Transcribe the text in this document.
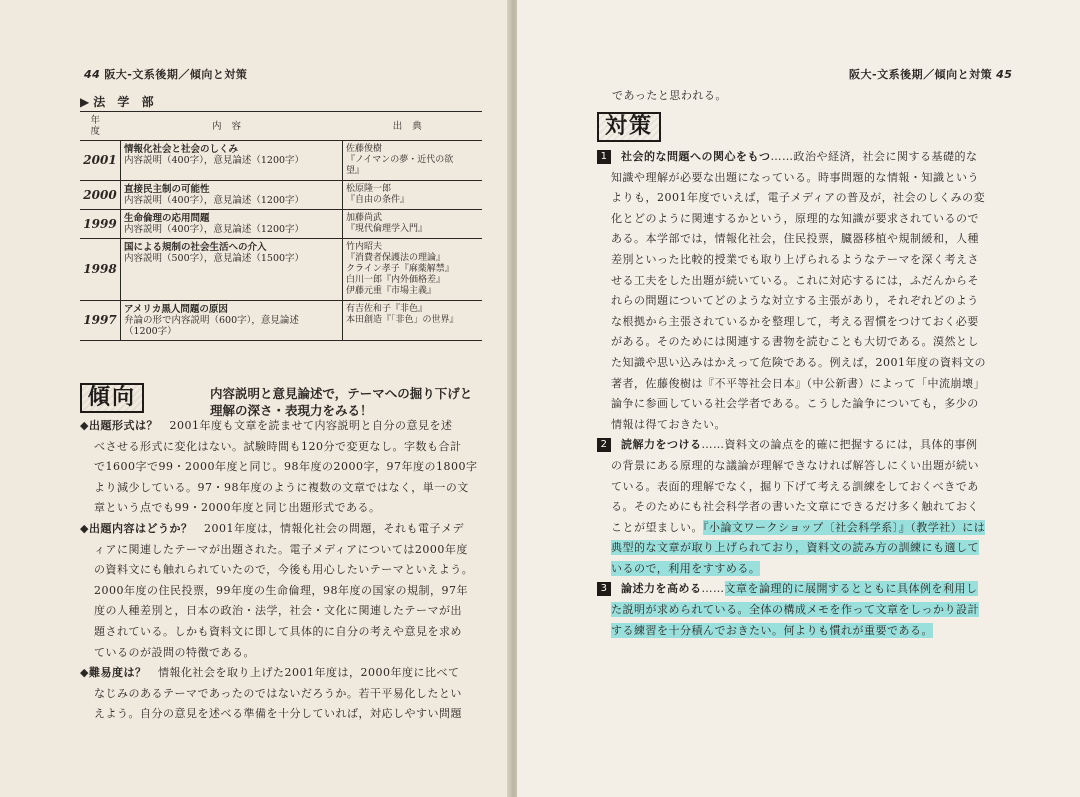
44 阪大-文系後期／傾向と対策
▶法 学 部
年度	内容	出典
2001	情報化社会と社会のしくみ
内容説明（400字），意見論述（1200字）	佐藤俊樹
『ノイマンの夢・近代の欲
望』

2000	直接民主制の可能性
内容説明（400字），意見論述（1200字）	松原隆一郎
『自由の条件』

1999	生命倫理の応用問題
内容説明（400字），意見論述（1200字）	加藤尚武
『現代倫理学入門』

1998	国による規制の社会生活への介入
内容説明（500字），意見論述（1500字）	竹内昭夫
『消費者保護法の理論』
クライン孝子『麻薬解禁』
白川一郎『内外価格差』
伊藤元重『市場主義』

1997	アメリカ黒人問題の原因
弁論の形で内容説明（600字），意見論述
（1200字）	有吉佐和子『非色』
本田創造『「非色」の世界』
傾向	内容説明と意見論述で，テーマへの掘り下げと
理解の深さ・表現力をみる！

◆出題形式は？  2001年度も文章を読ませて内容説明と自分の意見を述
べさせる形式に変化はない。試験時間も120分で変更なし。字数も合計
で1600字で99・2000年度と同じ。98年度の2000字，97年度の1800字
より減少している。97・98年度のように複数の文章ではなく，単一の文
章という点でも99・2000年度と同じ出題形式である。

◆出題内容はどうか？  2001年度は，情報化社会の問題，それも電子メデ
ィアに関連したテーマが出題された。電子メディアについては2000年度
の資料文にも触れられていたので，今後も用心したいテーマといえよう。
2000年度の住民投票，99年度の生命倫理，98年度の国家の規制，97年
度の人種差別と，日本の政治・法学，社会・文化に関連したテーマが出
題されている。しかも資料文に即して具体的に自分の考えや意見を求め
ているのが設問の特徴である。

◆難易度は？  情報化社会を取り上げた2001年度は，2000年度に比べて
なじみのあるテーマであったのではないだろうか。若干平易化したとい
えよう。自分の意見を述べる準備を十分していれば，対応しやすい問題

阪大-文系後期／傾向と対策 45
であったと思われる。
対策

1 社会的な問題への関心をもつ……政治や経済，社会に関する基礎的な
知識や理解が必要な出題になっている。時事問題的な情報・知識という
よりも，2001年度でいえば，電子メディアの普及が，社会のしくみの変
化とどのように関連するかという，原理的な知識が要求されているので
ある。本学部では，情報化社会，住民投票，臓器移植や規制緩和，人種
差別といった比較的授業でも取り上げられるようなテーマを深く考えさ
せる工夫をした出題が続いている。これに対応するには，ふだんからそ
れらの問題についてどのような対立する主張があり，それぞれどのよう
な根拠から主張されているかを整理して，考える習慣をつけておく必要
がある。そのためには関連する書物を読むことも大切である。漠然とし
た知識や思い込みはかえって危険である。例えば，2001年度の資料文の
著者，佐藤俊樹は『不平等社会日本』（中公新書）によって「中流崩壊」
論争に参画している社会学者である。こうした論争についても，多少の
情報は得ておきたい。

2 読解力をつける……資料文の論点を的確に把握するには，具体的事例
の背景にある原理的な議論が理解できなければ解答しにくい出題が続い
ている。表面的理解でなく，掘り下げて考える訓練をしておくべきであ
る。そのためにも社会科学者の書いた文章にできるだけ多く触れておく
ことが望ましい。『小論文ワークショップ〔社会科学系〕』（教学社）には
典型的な文章が取り上げられており，資料文の読み方の訓練にも適して
いるので，利用をすすめる。

3 論述力を高める……文章を論理的に展開するとともに具体例を利用し
た説明が求められている。全体の構成メモを作って文章をしっかり設計
する練習を十分積んでおきたい。何よりも慣れが重要である。
